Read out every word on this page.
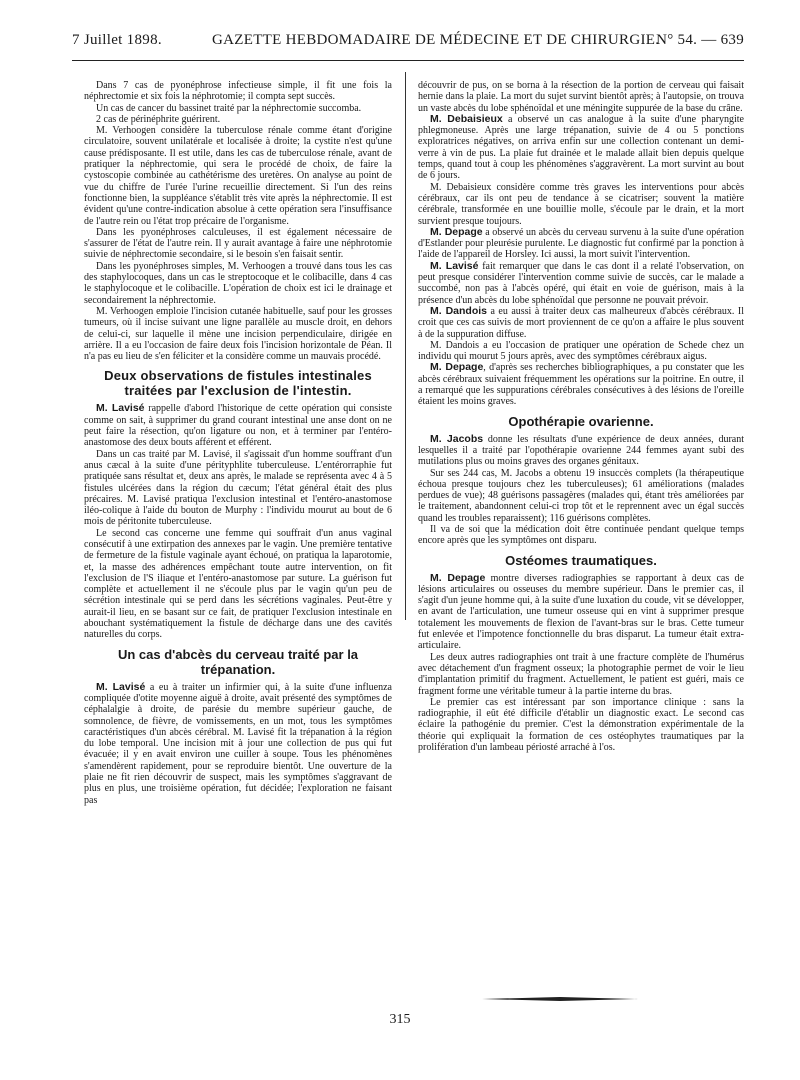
7 Juillet 1898.	GAZETTE HEBDOMADAIRE DE MÉDECINE ET DE CHIRURGIE.
N° 54. — 639

Dans 7 cas de pyonéphrose infectieuse simple, il fit une fois la néphrectomie et six fois la néphrotomie; il compta sept succès.

Un cas de cancer du bassinet traité par la néphrectomie succomba.

2 cas de périnéphrite guérirent.

M. Verhoogen considère la tuberculose rénale comme étant d'origine circulatoire, souvent unilatérale et localisée à droite; la cystite n'est qu'une cause prédisposante. Il est utile, dans les cas de tuberculose rénale, avant de pratiquer la néphrectomie, qui sera le procédé de choix, de faire la cystoscopie combinée au cathétérisme des uretères. On analyse au point de vue du chiffre de l'urée l'urine recueillie directement. Si l'un des reins fonctionne bien, la suppléance s'établit très vite après la néphrectomie. Il est évident qu'une contre-indication absolue à cette opération sera l'insuffisance de l'autre rein ou l'état trop précaire de l'organisme.

Dans les pyonéphroses calculeuses, il est également nécessaire de s'assurer de l'état de l'autre rein. Il y aurait avantage à faire une néphrotomie suivie de néphrectomie secondaire, si le besoin s'en faisait sentir.

Dans les pyonéphroses simples, M. Verhoogen a trouvé dans tous les cas des staphylocoques, dans un cas le streptocoque et le colibacille, dans 4 cas le staphylocoque et le colibacille. L'opération de choix est ici le drainage et secondairement la néphrectomie.

M. Verhoogen emploie l'incision cutanée habituelle, sauf pour les grosses tumeurs, où il incise suivant une ligne parallèle au muscle droit, en dehors de celui-ci, sur laquelle il mène une incision perpendiculaire, dirigée en arrière. Il a eu l'occasion de faire deux fois l'incision horizontale de Péan. Il n'a pas eu lieu de s'en féliciter et la considère comme un mauvais procédé.

Deux observations de fistules intestinales traitées par l'exclusion de l'intestin.

M. Lavisé rappelle d'abord l'historique de cette opération qui consiste comme on sait, à supprimer du grand courant intestinal une anse dont on ne peut faire la résection, qu'on ligature ou non, et à terminer par l'entéro-anastomose des deux bouts afférent et efférent.

Dans un cas traité par M. Lavisé, il s'agissait d'un homme souffrant d'un anus cæcal à la suite d'une pérityphlite tuberculeuse. L'entérorraphie fut pratiquée sans résultat et, deux ans après, le malade se représenta avec 4 à 5 fistules ulcérées dans la région du cæcum; l'état général était des plus précaires. M. Lavisé pratiqua l'exclusion intestinal et l'entéro-anastomose iléo-colique à l'aide du bouton de Murphy : l'individu mourut au bout de 6 mois de péritonite tuberculeuse.

Le second cas concerne une femme qui souffrait d'un anus vaginal consécutif à une extirpation des annexes par le vagin. Une première tentative de fermeture de la fistule vaginale ayant échoué, on pratiqua la laparotomie, et, la masse des adhérences empêchant toute autre intervention, on fit l'exclusion de l'S iliaque et l'entéro-anastomose par suture. La guérison fut complète et actuellement il ne s'écoule plus par le vagin qu'un peu de sécrétion intestinale qui se perd dans les sécrétions vaginales. Peut-être y aurait-il lieu, en se basant sur ce fait, de pratiquer l'exclusion intestinale en abouchant systématiquement la fistule de décharge dans une des cavités naturelles du corps.

Un cas d'abcès du cerveau traité par la trépanation.

M. Lavisé a eu à traiter un infirmier qui, à la suite d'une influenza compliquée d'otite moyenne aiguë à droite, avait présenté des symptômes de céphalalgie à droite, de parésie du membre supérieur gauche, de somnolence, de fièvre, de vomissements, en un mot, tous les symptômes caractéristiques d'un abcès cérébral. M. Lavisé fit la trépanation à la région du lobe temporal. Une incision mit à jour une collection de pus qui fut évacuée; il y en avait environ une cuiller à soupe. Tous les phénomènes s'amendèrent rapidement, pour se reproduire bientôt. Une ouverture de la plaie ne fit rien découvrir de suspect, mais les symptômes s'aggravant de plus en plus, une troisième opération, fut décidée; l'exploration ne faisant pas

découvrir de pus, on se borna à la résection de la portion de cerveau qui faisait hernie dans la plaie. La mort du sujet survint bientôt après; à l'autopsie, on trouva un vaste abcès du lobe sphénoïdal et une méningite suppurée de la base du crâne.

M. Debaisieux a observé un cas analogue à la suite d'une pharyngite phlegmoneuse. Après une large trépanation, suivie de 4 ou 5 ponctions exploratrices négatives, on arriva enfin sur une collection contenant un demi-verre à vin de pus. La plaie fut drainée et le malade allait bien depuis quelque temps, quand tout à coup les phénomènes s'aggravèrent. La mort survint au bout de 6 jours.

M. Debaisieux considère comme très graves les interventions pour abcès cérébraux, car ils ont peu de tendance à se cicatriser; souvent la matière cérébrale, transformée en une bouillie molle, s'écoule par le drain, et la mort survient presque toujours.

M. Depage a observé un abcès du cerveau survenu à la suite d'une opération d'Estlander pour pleurésie purulente. Le diagnostic fut confirmé par la ponction à l'aide de l'appareil de Horsley. Ici aussi, la mort suivit l'intervention.

M. Lavisé fait remarquer que dans le cas dont il a relaté l'observation, on peut presque considérer l'intervention comme suivie de succès, car le malade a succombé, non pas à l'abcès opéré, qui était en voie de guérison, mais à la présence d'un abcès du lobe sphénoïdal que personne ne pouvait prévoir.

M. Dandois a eu aussi à traiter deux cas malheureux d'abcès cérébraux. Il croit que ces cas suivis de mort proviennent de ce qu'on a affaire le plus souvent à de la suppuration diffuse.

M. Dandois a eu l'occasion de pratiquer une opération de Schede chez un individu qui mourut 5 jours après, avec des symptômes cérébraux aigus.

M. Depage, d'après ses recherches bibliographiques, a pu constater que les abcès cérébraux suivaient fréquemment les opérations sur la poitrine. En outre, il a remarqué que les suppurations cérébrales consécutives à des lésions de l'oreille étaient les moins graves.

Opothérapie ovarienne.

M. Jacobs donne les résultats d'une expérience de deux années, durant lesquelles il a traité par l'opothérapie ovarienne 244 femmes ayant subi des mutilations plus ou moins graves des organes génitaux.

Sur ses 244 cas, M. Jacobs a obtenu 19 insuccès complets (la thérapeutique échoua presque toujours chez les tuberculeuses); 61 améliorations (malades perdues de vue); 48 guérisons passagères (malades qui, étant très améliorées par le traitement, abandonnent celui-ci trop tôt et le reprennent avec un égal succès quand les troubles reparaissent); 116 guérisons complètes.

Il va de soi que la médication doit être continuée pendant quelque temps encore après que les symptômes ont disparu.

Ostéomes traumatiques.

M. Depage montre diverses radiographies se rapportant à deux cas de lésions articulaires ou osseuses du membre supérieur. Dans le premier cas, il s'agit d'un jeune homme qui, à la suite d'une luxation du coude, vit se développer, en avant de l'articulation, une tumeur osseuse qui en vint à supprimer presque totalement les mouvements de flexion de l'avant-bras sur le bras. Cette tumeur fut enlevée et l'impotence fonctionnelle du bras disparut. La tumeur était extra-articulaire.

Les deux autres radiographies ont trait à une fracture complète de l'humérus avec détachement d'un fragment osseux; la photographie permet de voir le lieu d'implantation primitif du fragment. Actuellement, le patient est guéri, mais ce fragment forme une véritable tumeur à la partie interne du bras.

Le premier cas est intéressant par son importance clinique : sans la radiographie, il eût été difficile d'établir un diagnostic exact. Le second cas éclaire la pathogénie du premier. C'est la démonstration expérimentale de la théorie qui expliquait la formation de ces ostéophytes traumatiques par la prolifération d'un lambeau périosté arraché à l'os.

315
